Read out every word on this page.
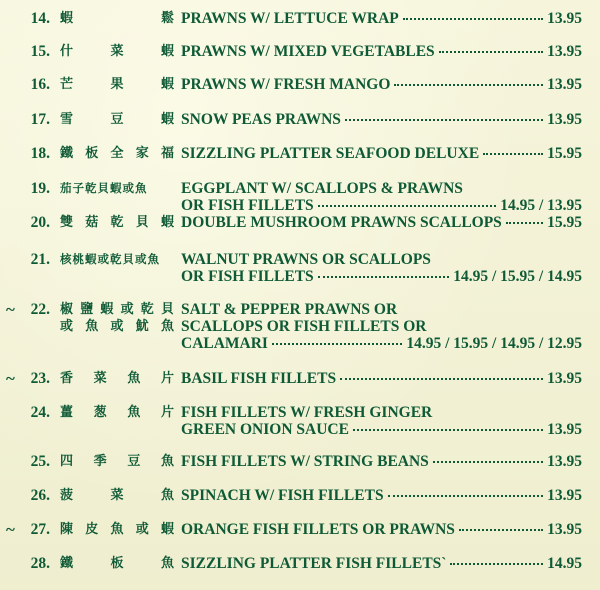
14. 蝦	鬆 PRAWNS W/ LETTUCE WRAP	13.95
15. 什	菜	蝦 PRAWNS W/ MIXED VEGETABLES	13.95
16. 芒	果	蝦 PRAWNS W/ FRESH MANGO	13.95
17. 雪	豆	蝦 SNOW PEAS PRAWNS	13.95
18. 鐵 板 全 家 福 SIZZLING PLATTER SEAFOOD DELUXE	15.95
19. 茄子乾貝蝦或魚	EGGPLANT W/ SCALLOPS & PRAWNS
OR FISH FILLETS	14.95 / 13.95
20. 雙 菇 乾 貝 蝦 DOUBLE MUSHROOM PRAWNS SCALLOPS	15.95
21. 核桃蝦或乾貝或魚	WALNUT PRAWNS OR SCALLOPS
OR FISH FILLETS	14.95 / 15.95 / 14.95
~	22. 椒 鹽 蝦 或 乾 貝
或 魚 或 魷 魚
SALT & PEPPER PRAWNS OR
SCALLOPS OR FISH FILLETS OR
CALAMARI	14.95 / 15.95 / 14.95 / 12.95
~	23. 香 菜 魚 片 BASIL FISH FILLETS	13.95
24. 薑 葱 魚 片 FISH FILLETS W/ FRESH GINGER
GREEN ONION SAUCE	13.95
25. 四 季 豆 魚 FISH FILLETS W/ STRING BEANS	13.95
26. 菠	菜	魚 SPINACH W/ FISH FILLETS	13.95
~	27. 陳 皮 魚 或 蝦 ORANGE FISH FILLETS OR PRAWNS	13.95
28. 鐵	板	魚 SIZZLING PLATTER FISH FILLETS`	14.95
